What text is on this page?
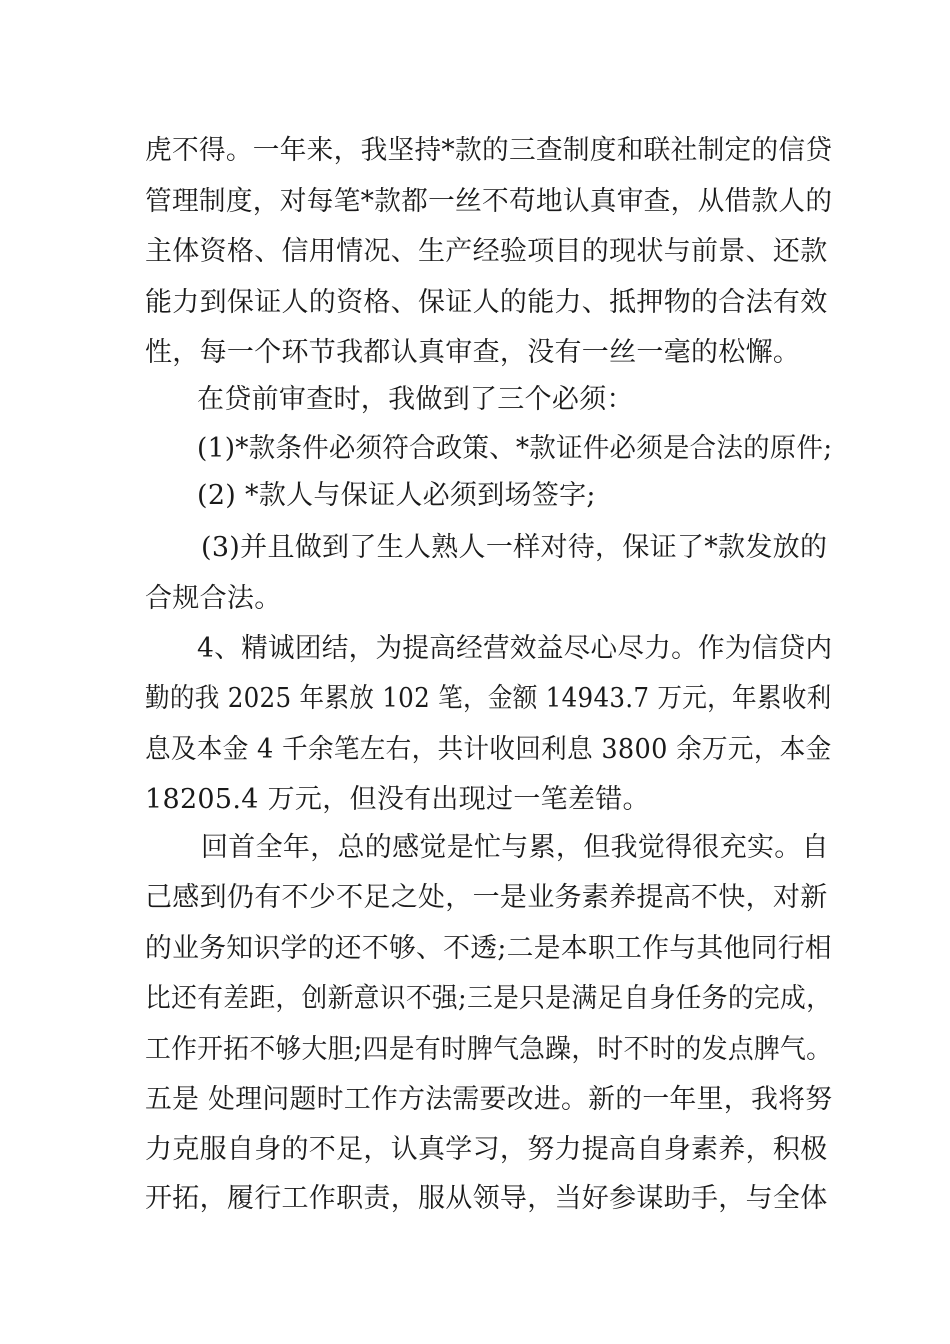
虎不得。一年来，我坚持*款的三查制度和联社制定的信贷
管理制度，对每笔*款都一丝不苟地认真审查，从借款人的
主体资格、信用情况、生产经验项目的现状与前景、还款
能力到保证人的资格、保证人的能力、抵押物的合法有效
性，每一个环节我都认真审查，没有一丝一毫的松懈。
在贷前审查时，我做到了三个必须：
(1)*款条件必须符合政策、*款证件必须是合法的原件;
(2) *款人与保证人必须到场签字;
(3)并且做到了生人熟人一样对待，保证了*款发放的
合规合法。
4、精诚团结，为提高经营效益尽心尽力。作为信贷内
勤的我 2025 年累放 102 笔，金额 14943.7 万元，年累收利
息及本金 4 千余笔左右，共计收回利息 3800 余万元，本金
18205.4 万元，但没有出现过一笔差错。
回首全年，总的感觉是忙与累，但我觉得很充实。自
己感到仍有不少不足之处，一是业务素养提高不快，对新
的业务知识学的还不够、不透;二是本职工作与其他同行相
比还有差距，创新意识不强;三是只是满足自身任务的完成，
工作开拓不够大胆;四是有时脾气急躁，时不时的发点脾气。
五是 处理问题时工作方法需要改进。新的一年里，我将努
力克服自身的不足，认真学习，努力提高自身素养，积极
开拓，履行工作职责，服从领导，当好参谋助手，与全体
